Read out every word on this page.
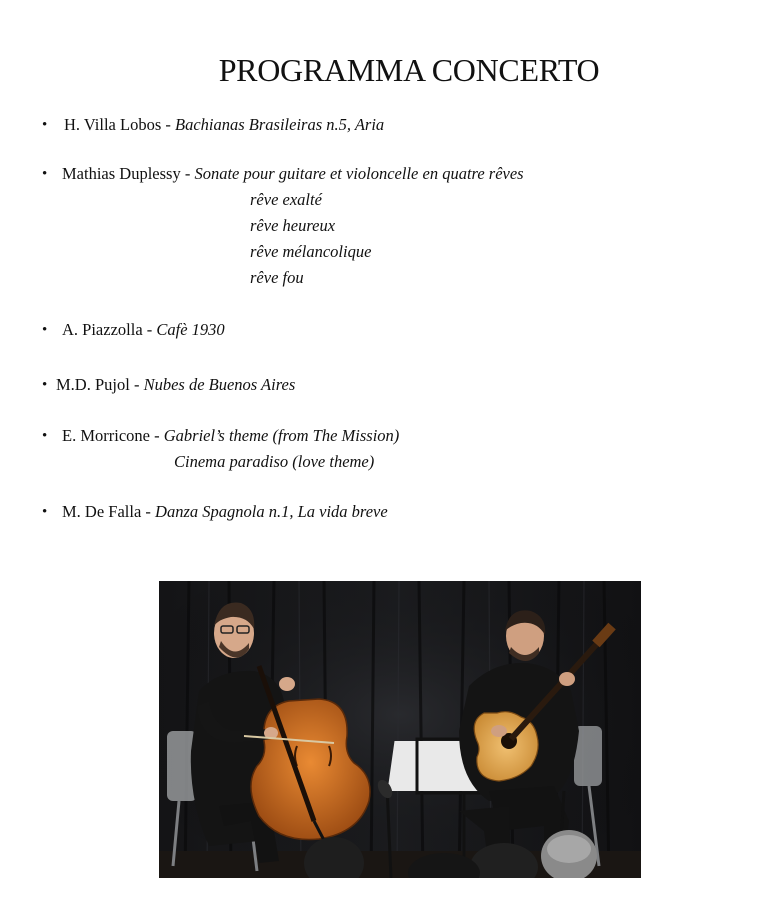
PROGRAMMA CONCERTO
• H. Villa Lobos - Bachianas Brasileiras n.5, Aria
• Mathias Duplessy - Sonate pour guitare et violoncelle en quatre rêves
rêve exalté
rêve heureux
rêve mélancolique
rêve fou
• A. Piazzolla - Cafè 1930
• M.D. Pujol - Nubes de Buenos Aires
• E. Morricone - Gabriel’s theme (from The Mission)
Cinema paradiso (love theme)
• M. De Falla - Danza Spagnola n.1, La vida breve
